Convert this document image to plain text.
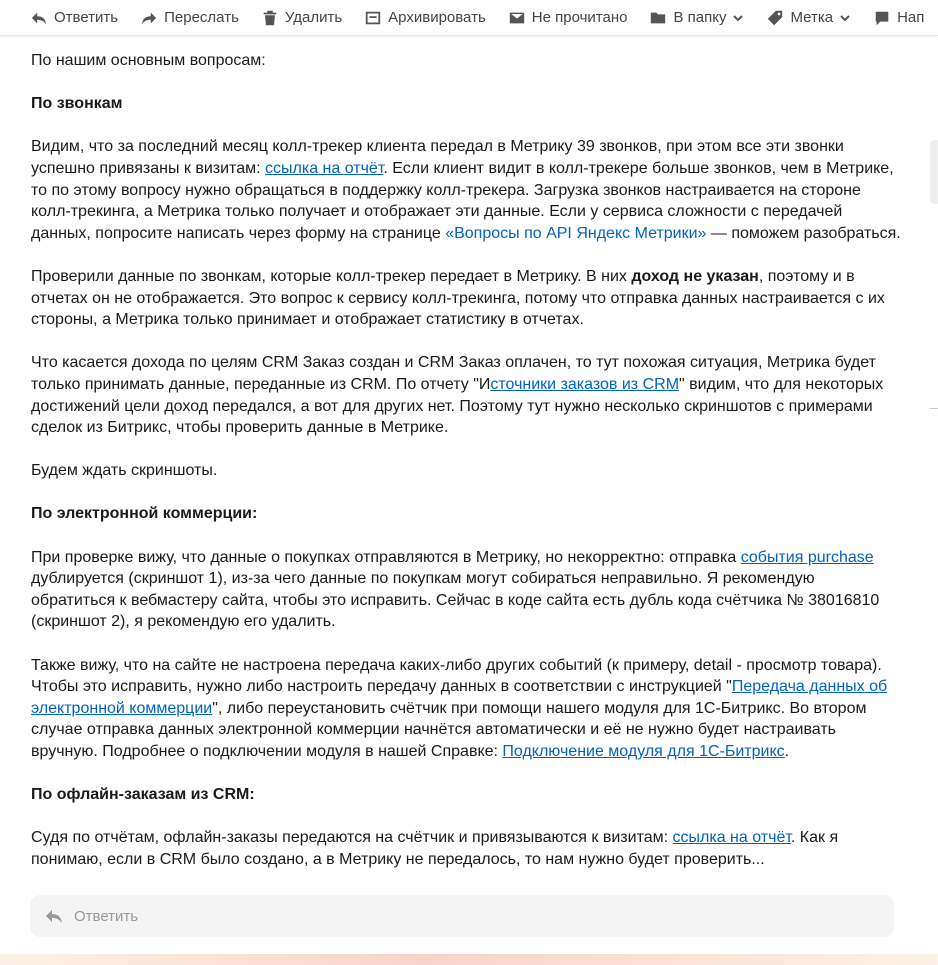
Ответить	Переслать	Удалить	Архивировать	Не прочитано	В папку	Метка	Нап

По нашим основным вопросам:

По звонкам

Видим, что за последний месяц колл-трекер клиента передал в Метрику 39 звонков, при этом все эти звонки успешно привязаны к визитам: ссылка на отчёт. Если клиент видит в колл-трекере больше звонков, чем в Метрике, то по этому вопросу нужно обращаться в поддержку колл-трекера. Загрузка звонков настраивается на стороне колл-трекинга, а Метрика только получает и отображает эти данные. Если у сервиса сложности с передачей данных, попросите написать через форму на странице «Вопросы по API Яндекс Метрики» — поможем разобраться.

Проверили данные по звонкам, которые колл-трекер передает в Метрику. В них доход не указан, поэтому и в отчетах он не отображается. Это вопрос к сервису колл-трекинга, потому что отправка данных настраивается с их стороны, а Метрика только принимает и отображает статистику в отчетах.

Что касается дохода по целям CRM Заказ создан и CRM Заказ оплачен, то тут похожая ситуация, Метрика будет только принимать данные, переданные из CRM. По отчету "Источники заказов из CRM" видим, что для некоторых достижений цели доход передался, а вот для других нет. Поэтому тут нужно несколько скриншотов с примерами сделок из Битрикс, чтобы проверить данные в Метрике.

Будем ждать скриншоты.

По электронной коммерции:

При проверке вижу, что данные о покупках отправляются в Метрику, но некорректно: отправка события purchase дублируется (скриншот 1), из-за чего данные по покупкам могут собираться неправильно. Я рекомендую обратиться к вебмастеру сайта, чтобы это исправить. Сейчас в коде сайта есть дубль кода счётчика № 38016810 (скриншот 2), я рекомендую его удалить.

Также вижу, что на сайте не настроена передача каких-либо других событий (к примеру, detail - просмотр товара). Чтобы это исправить, нужно либо настроить передачу данных в соответствии с инструкцией "Передача данных об электронной коммерции", либо переустановить счётчик при помощи нашего модуля для 1С-Битрикс. Во втором случае отправка данных электронной коммерции начнётся автоматически и её не нужно будет настраивать вручную. Подробнее о подключении модуля в нашей Справке: Подключение модуля для 1С-Битрикс.

По офлайн-заказам из CRM:

Судя по отчётам, офлайн-заказы передаются на счётчик и привязываются к визитам: ссылка на отчёт. Как я понимаю, если в CRM было создано, а в Метрику не передалось, то нам нужно будет проверить...

Ответить
